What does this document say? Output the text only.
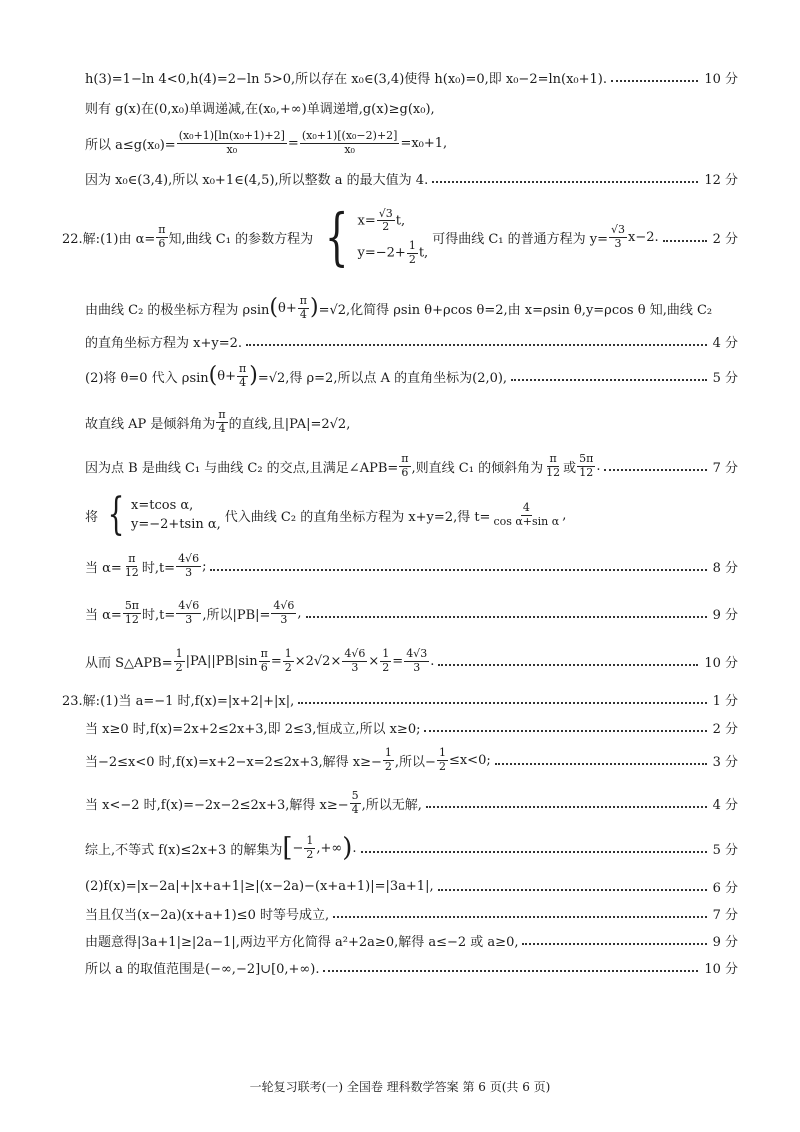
h(3)=1−ln 4<0,h(4)=2−ln 5>0,所以存在 x₀∈(3,4)使得 h(x₀)=0,即 x₀−2=ln(x₀+1).	10 分
则有 g(x)在(0,x₀)单调递减,在(x₀,+∞)单调递增,g(x)≥g(x₀),
所以 $a\le g(x_0)= \frac{\text{(x₀+1)[ln(x₀+1)+2]}}{\text{x₀}} = \frac{\text{(x₀+1)[(x₀−2)+2]}}{\text{x₀}} =x_0+1$,
因为 x₀∈(3,4),所以 x₀+1∈(4,5),所以整数 a 的最大值为 4.	12 分
22.解: (1)由 $\alpha= \frac{\pi}{6}$ 知,曲线 C₁ 的参数方程为 { $x= \frac{√3}{2} t$,
$y=-2+ \frac{1}{2} t$,
可得曲线 C₁ 的普通方程为 $y= \frac{√3}{3} x-2$.	2 分
由曲线 C₂ 的极坐标方程为 ρsin ( $\theta+ \frac{\pi}{4}$ ) =√2,化简得 ρsin θ+ρcos θ=2,由 x=ρsin θ,y=ρcos θ 知,曲线 C₂
的直角坐标方程为 x+y=2.	4 分
(2)将 θ=0 代入 ρsin ( $\theta+ \frac{\pi}{4}$ ) =√2,得 ρ=2,所以点 A 的直角坐标为(2,0),	5 分
故直线 AP 是倾斜角为 $\frac{\pi}{4}$ 的直线,且|PA|=2√2,
因为点 B 是曲线 C₁ 与曲线 C₂ 的交点,且满足∠APB= $\frac{\pi}{6}$ ,则直线 C₁ 的倾斜角为 $\frac{\pi}{12}$ 或 $\frac{5\pi}{12}$ .	7 分
将 { x=tcos α,
y=−2+tsin α, 代入曲线 C₂ 的直角坐标方程为 x+y=2,得 $t= \frac{4}{\text{cos α+sin α}}$ ,
当 $\alpha= \frac{\pi}{12}$ 时$,t= \frac{4√6}{3}$ ;	8 分
当 $\alpha= \frac{5\pi}{12}$ 时$,t= \frac{4√6}{3}$ ,所以$|PB|= \frac{4√6}{3}$ ,	9 分
从而 S△APB= $\frac{1}{2} |PA||PB|\sin \frac{\pi}{6} = \frac{1}{2} \times 2√2\times \frac{4√6}{3} \times \frac{1}{2} = \frac{4√3}{3}$ .	10 分
23.解: (1)当 a=−1 时,f(x)=|x+2|+|x|,	1 分
当 x≥0 时,f(x)=2x+2≤2x+3,即 2≤3,恒成立,所以 x≥0;	2 分
当−2≤x<0 时,f(x)=x+2−x=2≤2x+3,解得 $x\ge- \frac{1}{2}$ ,所以− $\frac{1}{2} \le x<0$;	3 分
当 x<−2 时,f(x)=−2x−2≤2x+3,解得 $x\ge- \frac{5}{4}$ ,所以无解,	4 分
综上,不等式 f(x)≤2x+3 的解集为 [ − $\frac{1}{2}$ ,+∞ ) .	5 分
(2)f(x)=|x−2a|+|x+a+1|≥|(x−2a)−(x+a+1)|=|3a+1|,	6 分
当且仅当(x−2a)(x+a+1)≤0 时等号成立,	7 分
由题意得|3a+1|≥|2a−1|,两边平方化简得 a²+2a≥0,解得 a≤−2 或 a≥0,	9 分
所以 a 的取值范围是(−∞,−2]∪[0,+∞).	10 分
一轮复习联考(一) 全国卷 理科数学答案 第 6 页(共 6 页)
